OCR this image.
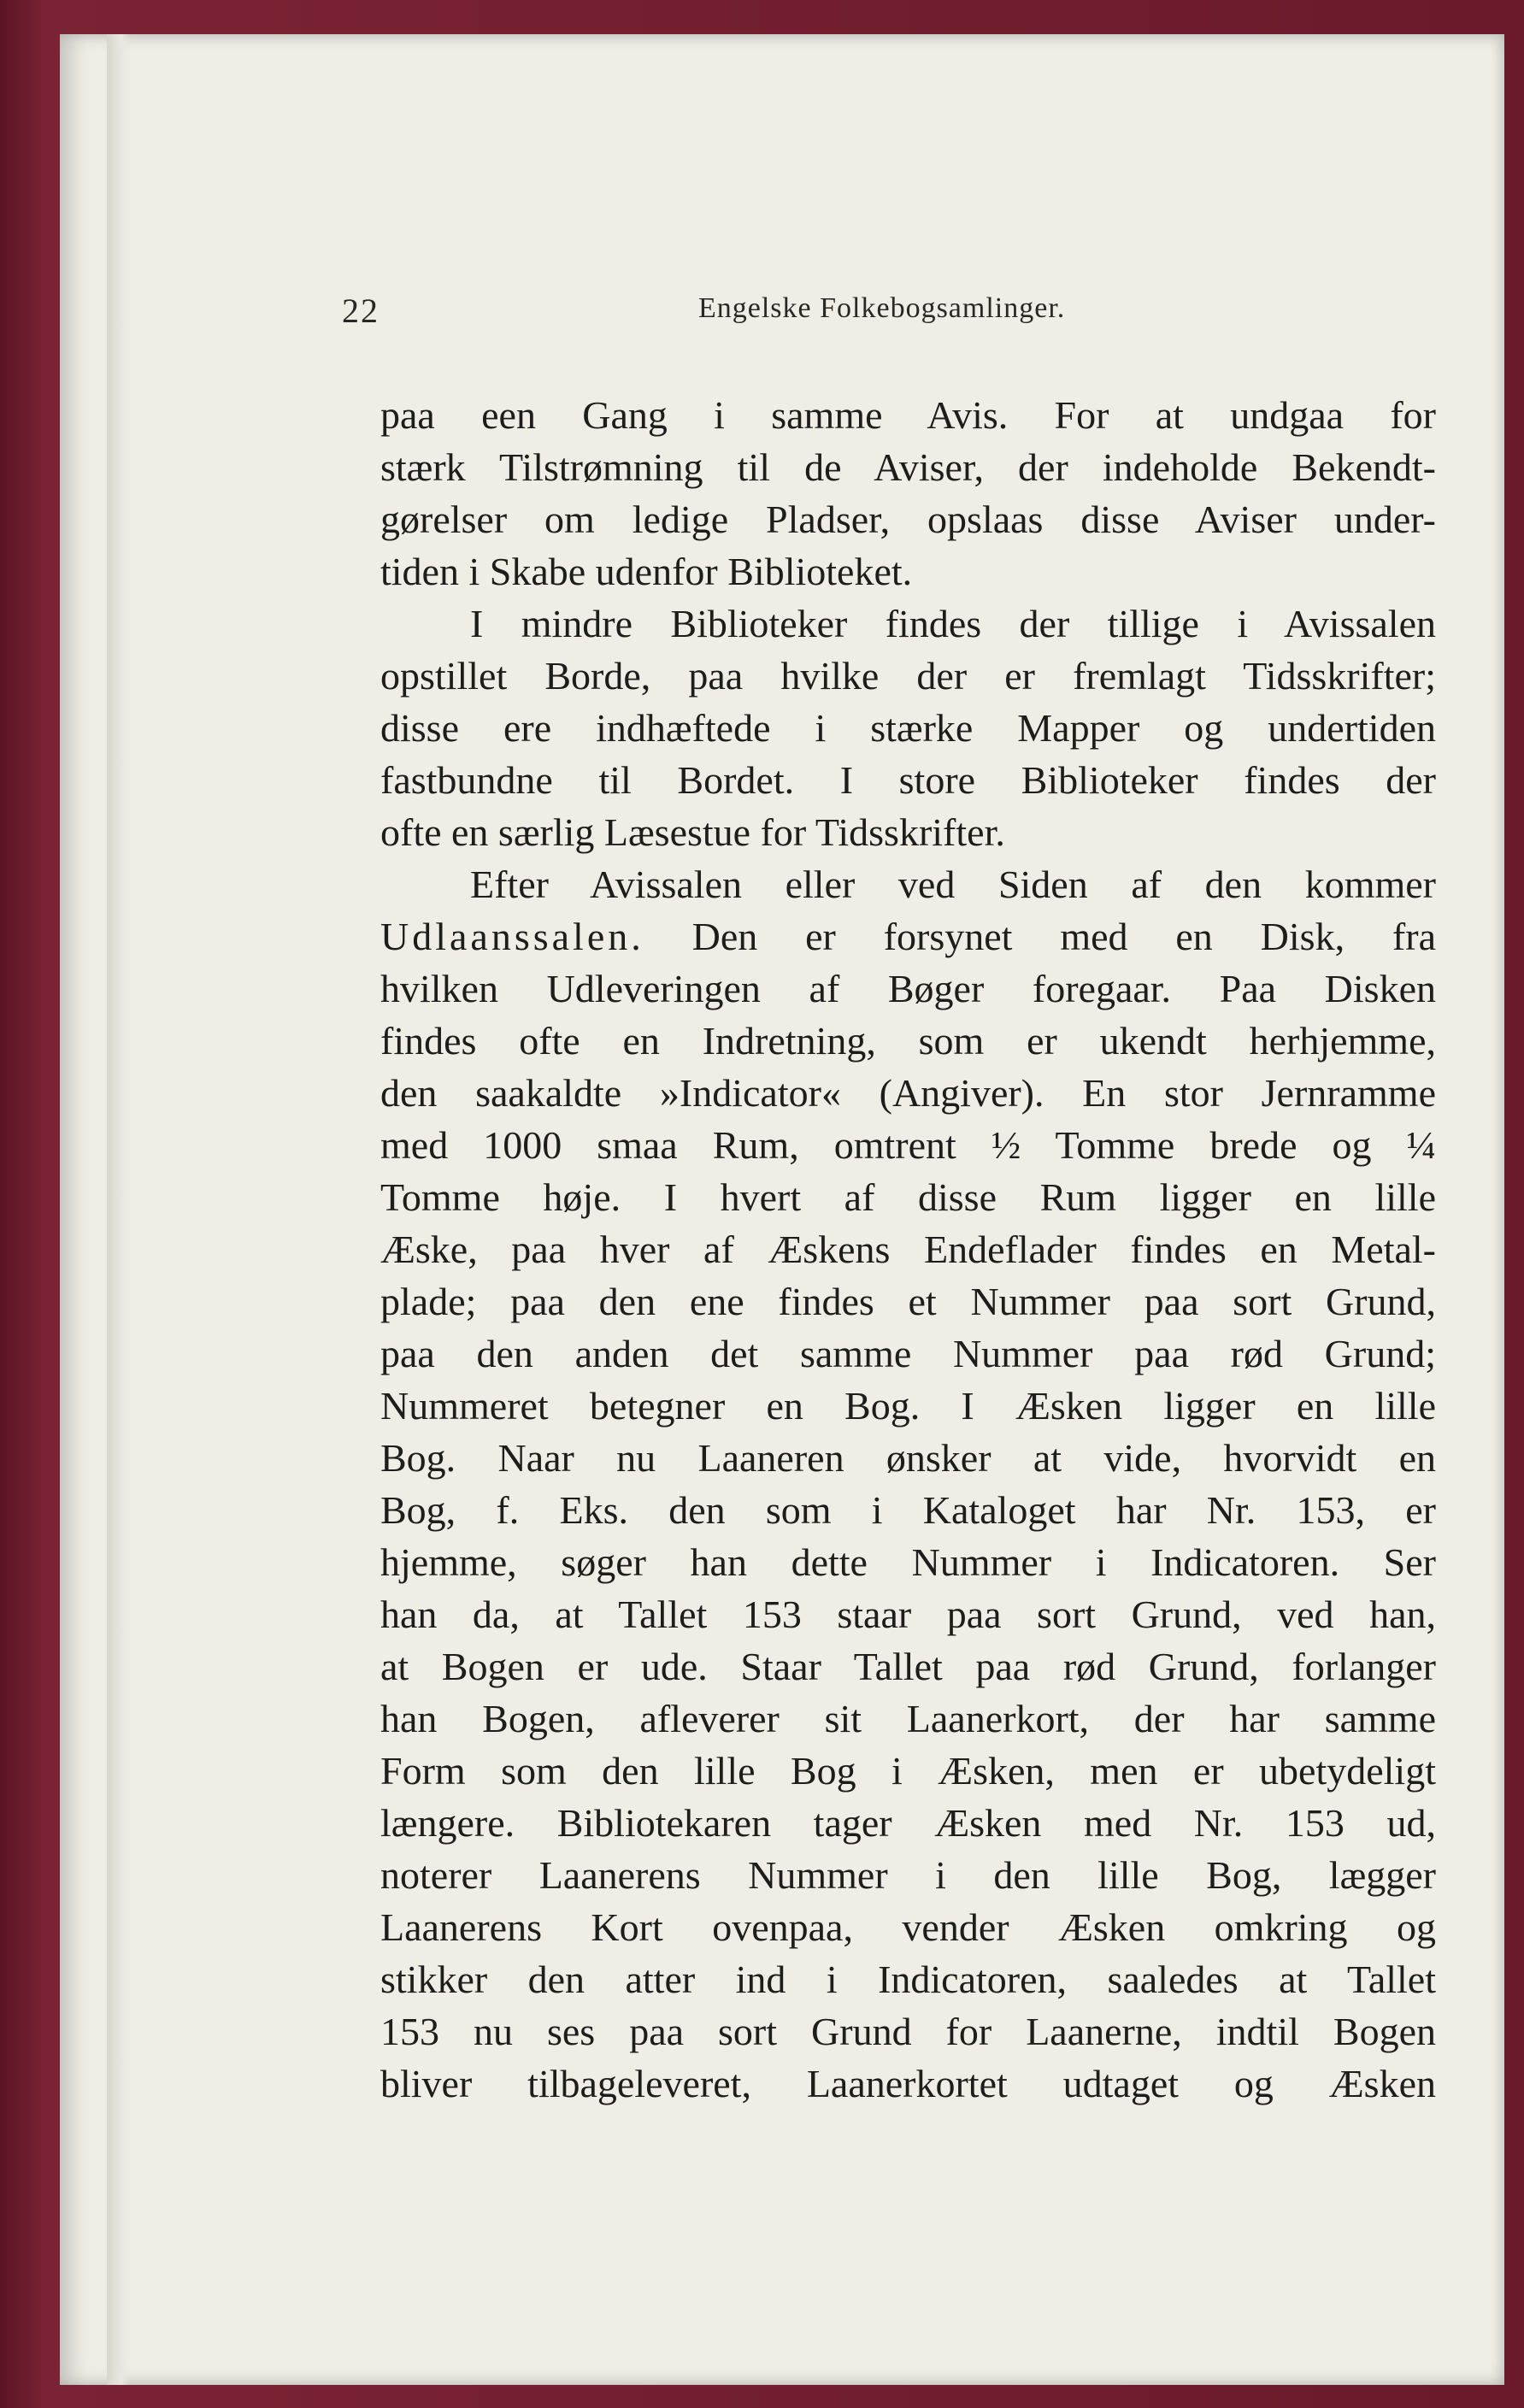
22	Engelske Folkebogsamlinger.
paa een Gang i samme Avis. For at undgaa for
stærk Tilstrømning til de Aviser, der indeholde Bekendt-
gørelser om ledige Pladser, opslaas disse Aviser under-
tiden i Skabe udenfor Biblioteket.
I mindre Biblioteker findes der tillige i Avissalen
opstillet Borde, paa hvilke der er fremlagt Tidsskrifter;
disse ere indhæftede i stærke Mapper og undertiden
fastbundne til Bordet. I store Biblioteker findes der
ofte en særlig Læsestue for Tidsskrifter.
Efter Avissalen eller ved Siden af den kommer
Udlaanssalen. Den er forsynet med en Disk, fra
hvilken Udleveringen af Bøger foregaar. Paa Disken
findes ofte en Indretning, som er ukendt herhjemme,
den saakaldte »Indicator« (Angiver). En stor Jernramme
med 1000 smaa Rum, omtrent ½ Tomme brede og ¼
Tomme høje. I hvert af disse Rum ligger en lille
Æske, paa hver af Æskens Endeflader findes en Metal-
plade; paa den ene findes et Nummer paa sort Grund,
paa den anden det samme Nummer paa rød Grund;
Nummeret betegner en Bog. I Æsken ligger en lille
Bog. Naar nu Laaneren ønsker at vide, hvorvidt en
Bog, f. Eks. den som i Kataloget har Nr. 153, er
hjemme, søger han dette Nummer i Indicatoren. Ser
han da, at Tallet 153 staar paa sort Grund, ved han,
at Bogen er ude. Staar Tallet paa rød Grund, forlanger
han Bogen, afleverer sit Laanerkort, der har samme
Form som den lille Bog i Æsken, men er ubetydeligt
længere. Bibliotekaren tager Æsken med Nr. 153 ud,
noterer Laanerens Nummer i den lille Bog, lægger
Laanerens Kort ovenpaa, vender Æsken omkring og
stikker den atter ind i Indicatoren, saaledes at Tallet
153 nu ses paa sort Grund for Laanerne, indtil Bogen
bliver tilbageleveret, Laanerkortet udtaget og Æsken
